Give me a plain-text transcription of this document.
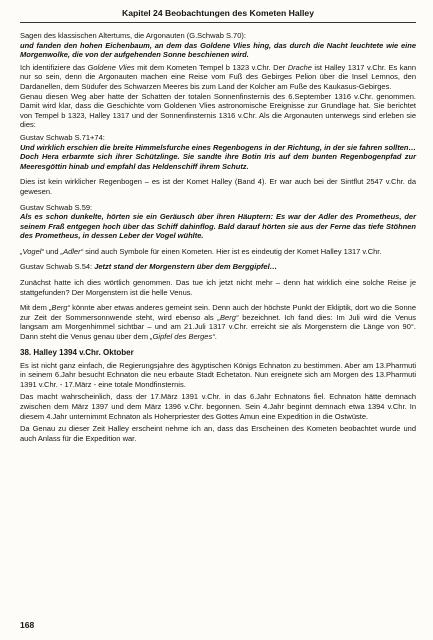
Kapitel 24 Beobachtungen des Kometen Halley

Sagen des klassischen Altertums, die Argonauten (G.Schwab S.70):
und fanden den hohen Eichenbaum, an dem das Goldene Vlies hing, das durch die Nacht leuchtete wie eine Morgenwolke, die von der aufgehenden Sonne beschienen wird.

Ich identifiziere das Goldene Vlies mit dem Kometen Tempel b 1323 v.Chr. Der Drache ist Halley 1317 v.Chr. Es kann nur so sein, denn die Argonauten machen eine Reise vom Fuß des Gebirges Pelion über die Insel Lemnos, den Dardanellen, dem Südufer des Schwarzen Meeres bis zum Land der Kolcher am Fuße des Kaukasus-Gebirges.
Genau diesen Weg aber hatte der Schatten der totalen Sonnenfinsternis des 6.September 1316 v.Chr. genommen. Damit wird klar, dass die Geschichte vom Goldenen Vlies astronomische Ereignisse zur Grundlage hat. Sie berichtet von Tempel b 1323, Halley 1317 und der Sonnenfinsternis 1316 v.Chr. Als die Argonauten unterwegs sind erleben sie dies:

Gustav Schwab S.71+74:
Und wirklich erschien die breite Himmelsfurche eines Regenbogens in der Richtung, in der sie fahren sollten… Doch Hera erbarmte sich ihrer Schützlinge. Sie sandte ihre Botin Iris auf dem bunten Regenbogenpfad zur Meeresgöttin hinab und empfahl das Heldenschiff ihrem Schutz.

Dies ist kein wirklicher Regenbogen – es ist der Komet Halley (Band 4). Er war auch bei der Sintflut 2547 v.Chr. da gewesen.

Gustav Schwab S.59:
Als es schon dunkelte, hörten sie ein Geräusch über ihren Häuptern: Es war der Adler des Prometheus, der seinem Fraß entgegen hoch über das Schiff dahinflog. Bald darauf hörten sie aus der Ferne das tiefe Stöhnen des Prometheus, in dessen Leber der Vogel wühlte.

„Vogel“ und „Adler“ sind auch Symbole für einen Kometen. Hier ist es eindeutig der Komet Halley 1317 v.Chr.

Gustav Schwab S.54: Jetzt stand der Morgenstern über dem Berggipfel…

Zunächst hatte ich dies wörtlich genommen. Das tue ich jetzt nicht mehr – denn hat wirklich eine solche Reise je stattgefunden? Der Morgenstern ist die helle Venus.

Mit dem „Berg“ könnte aber etwas anderes gemeint sein. Denn auch der höchste Punkt der Ekliptik, dort wo die Sonne zur Zeit der Sommersonnwende steht, wird ebenso als „Berg“ bezeichnet. Ich fand dies: Im Juli wird die Venus langsam am Morgenhimmel sichtbar – und am 21.Juli 1317 v.Chr. erreicht sie als Morgenstern die Länge von 90°. Dann steht die Venus genau über dem „Gipfel des Berges“.

38. Halley 1394 v.Chr. Oktober

Es ist nicht ganz einfach, die Regierungsjahre des ägyptischen Königs Echnaton zu bestimmen. Aber am 13.Pharmuti in seinem 6.Jahr besucht Echnaton die neu erbaute Stadt Echetaton. Nun ereignete sich am Morgen des 13.Pharmuti 1391 v.Chr. - 17.März - eine totale Mondfinsternis.

Das macht wahrscheinlich, dass der 17.März 1391 v.Chr. in das 6.Jahr Echnatons fiel. Echnaton hätte demnach zwischen dem März 1397 und dem März 1396 v.Chr. begonnen. Sein 4.Jahr beginnt demnach etwa 1394 v.Chr. In diesem 4.Jahr unternimmt Echnaton als Hoherpriester des Gottes Amun eine Expedition in die Ostwüste.

Da Genau zu dieser Zeit Halley erscheint nehme ich an, dass das Erscheinen des Kometen beobachtet wurde und auch Anlass für die Expedition war.

168
